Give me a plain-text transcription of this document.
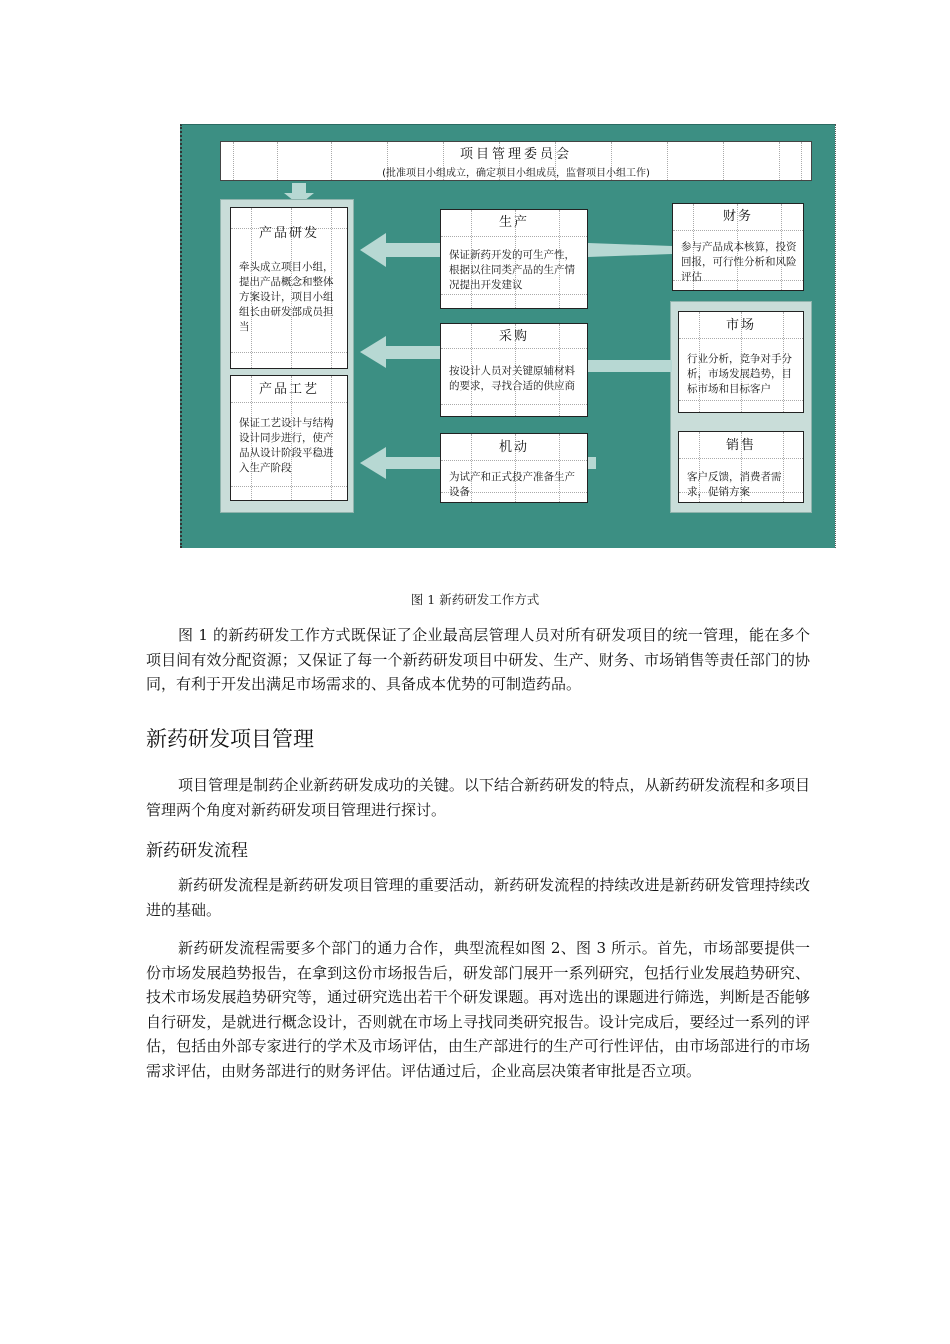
项目管理委员会
(批准项目小组成立，确定项目小组成员，监督项目小组工作)
产品研发
牵头成立项目小组，提出产品概念和整体方案设计，项目小组组长由研发部成员担当
产品工艺
保证工艺设计与结构设计同步进行，使产品从设计阶段平稳进入生产阶段
生产
保证新药开发的可生产性，根据以往同类产品的生产情况提出开发建议
采购
按设计人员对关键原辅材料的要求，寻找合适的供应商
机动
为试产和正式投产准备生产设备
财务
参与产品成本核算，投资回报，可行性分析和风险评估
市场
行业分析，竞争对手分析，市场发展趋势，目标市场和目标客户
销售
客户反馈，消费者需求，促销方案
图 1 新药研发工作方式

图 1 的新药研发工作方式既保证了企业最高层管理人员对所有研发项目的统一管理，能在多个项目间有效分配资源；又保证了每一个新药研发项目中研发、生产、财务、市场销售等责任部门的协同，有利于开发出满足市场需求的、具备成本优势的可制造药品。

新药研发项目管理

项目管理是制药企业新药研发成功的关键。以下结合新药研发的特点，从新药研发流程和多项目管理两个角度对新药研发项目管理进行探讨。

新药研发流程

新药研发流程是新药研发项目管理的重要活动，新药研发流程的持续改进是新药研发管理持续改进的基础。

新药研发流程需要多个部门的通力合作，典型流程如图 2、图 3 所示。首先，市场部要提供一份市场发展趋势报告，在拿到这份市场报告后，研发部门展开一系列研究，包括行业发展趋势研究、技术市场发展趋势研究等，通过研究选出若干个研发课题。再对选出的课题进行筛选，判断是否能够自行研发，是就进行概念设计，否则就在市场上寻找同类研究报告。设计完成后，要经过一系列的评估，包括由外部专家进行的学术及市场评估，由生产部进行的生产可行性评估，由市场部进行的市场需求评估，由财务部进行的财务评估。评估通过后，企业高层决策者审批是否立项。
